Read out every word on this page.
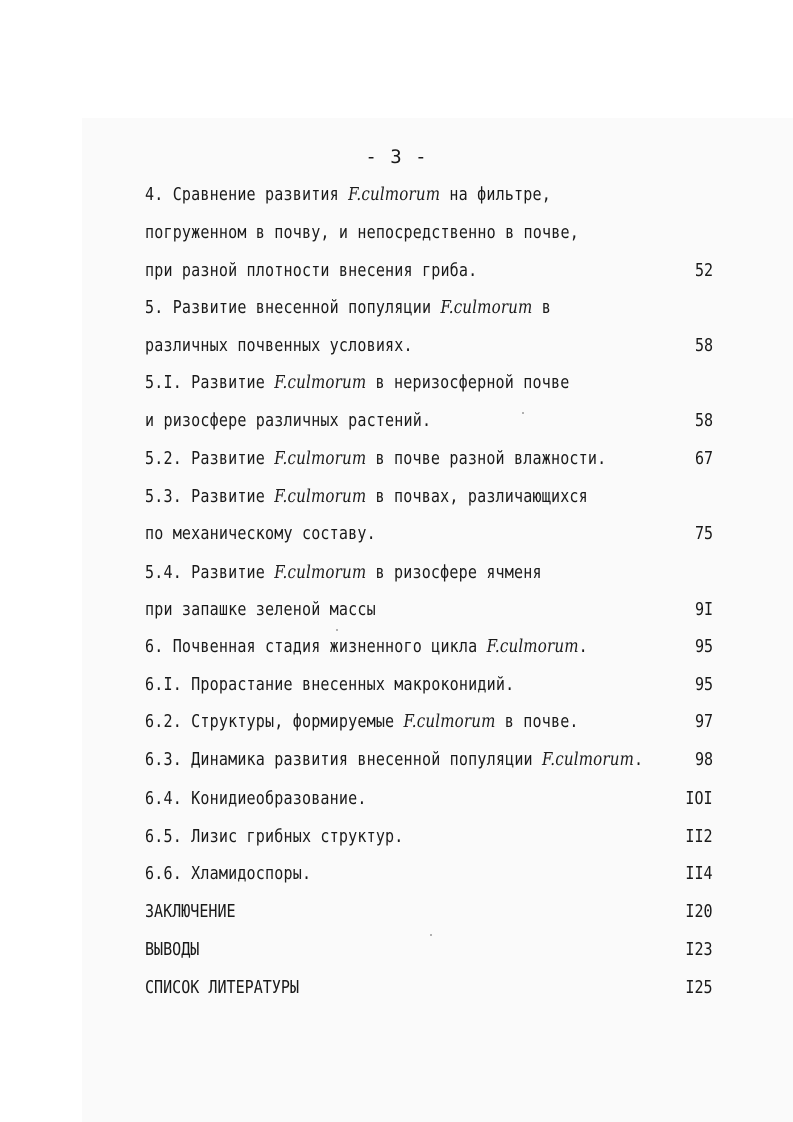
- 3 -
4. Сравнение развития F.culmorum на фильтре,
погруженном в почву, и непосредственно в почве,
при разной плотности внесения гриба.	52
5. Развитие внесенной популяции F.culmorum в
различных почвенных условиях.	58
5.I. Развитие F.culmorum в неризосферной почве
и ризосфере различных растений.	58
5.2. Развитие F.culmorum в почве разной влажности.	67
5.3. Развитие F.culmorum в почвах, различающихся
по механическому составу.	75
5.4. Развитие F.culmorum в ризосфере ячменя
при запашке зеленой массы	9I
6. Почвенная стадия жизненного цикла F.culmorum.	95
6.I. Прорастание внесенных макроконидий.	95
6.2. Структуры, формируемые F.culmorum в почве.	97
6.3. Динамика развития внесенной популяции F.culmorum.	98
6.4. Конидиеобразование.	IOI
6.5. Лизис грибных структур.	II2
6.6. Хламидоспоры.	II4
ЗАКЛЮЧЕНИЕ	I20
ВЫВОДЫ	I23
СПИСОК ЛИТЕРАТУРЫ	I25
